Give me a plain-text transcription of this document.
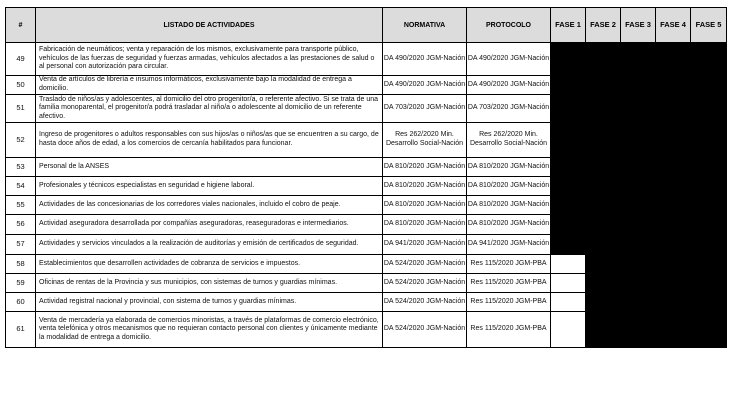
#	LISTADO DE ACTIVIDADES	NORMATIVA	PROTOCOLO	FASE 1	FASE 2	FASE 3	FASE 4	FASE 5
49	Fabricación de neumáticos; venta y reparación de los mismos, exclusivamente para transporte público, vehículos de las fuerzas de seguridad y fuerzas armadas, vehículos afectados a las prestaciones de salud o al personal con autorización para circular.	DA 490/2020 JGM-Nación	DA 490/2020 JGM-Nación					
50	Venta de artículos de librería e insumos informáticos, exclusivamente bajo la modalidad de entrega a domicilio.	DA 490/2020 JGM-Nación	DA 490/2020 JGM-Nación					
51	Traslado de niños/as y adolescentes, al domicilio del otro progenitor/a, o referente afectivo. Si se trata de una familia monoparental, el progenitor/a podrá trasladar al niño/a o adolescente al domicilio de un referente afectivo.	DA 703/2020 JGM-Nación	DA 703/2020 JGM-Nación					
52	Ingreso de progenitores o adultos responsables con sus hijos/as o niños/as que se encuentren a su cargo, de hasta doce años de edad, a los comercios de cercanía habilitados para funcionar.	Res 262/2020 Min. Desarrollo Social-Nación	Res 262/2020 Min. Desarrollo Social-Nación					
53	Personal de la ANSES	DA 810/2020 JGM-Nación	DA 810/2020 JGM-Nación					
54	Profesionales y técnicos especialistas en seguridad e higiene laboral.	DA 810/2020 JGM-Nación	DA 810/2020 JGM-Nación					
55	Actividades de las concesionarias de los corredores viales nacionales, incluido el cobro de peaje.	DA 810/2020 JGM-Nación	DA 810/2020 JGM-Nación					
56	Actividad aseguradora desarrollada por compañías aseguradoras, reaseguradoras e intermediarios.	DA 810/2020 JGM-Nación	DA 810/2020 JGM-Nación					
57	Actividades y servicios vinculados a la realización de auditorías y emisión de certificados de seguridad.	DA 941/2020 JGM-Nación	DA 941/2020 JGM-Nación					
58	Establecimientos que desarrollen actividades de cobranza de servicios e impuestos.	DA 524/2020 JGM-Nación	Res 115/2020 JGM-PBA					
59	Oficinas de rentas de la Provincia y sus municipios, con sistemas de turnos y guardias mínimas.	DA 524/2020 JGM-Nación	Res 115/2020 JGM-PBA					
60	Actividad registral nacional y provincial, con sistema de turnos y guardias mínimas.	DA 524/2020 JGM-Nación	Res 115/2020 JGM-PBA					
61	Venta de mercadería ya elaborada de comercios minoristas, a través de plataformas de comercio electrónico, venta telefónica y otros mecanismos que no requieran contacto personal con clientes y únicamente mediante la modalidad de entrega a domicilio.	DA 524/2020 JGM-Nación	Res 115/2020 JGM-PBA					
